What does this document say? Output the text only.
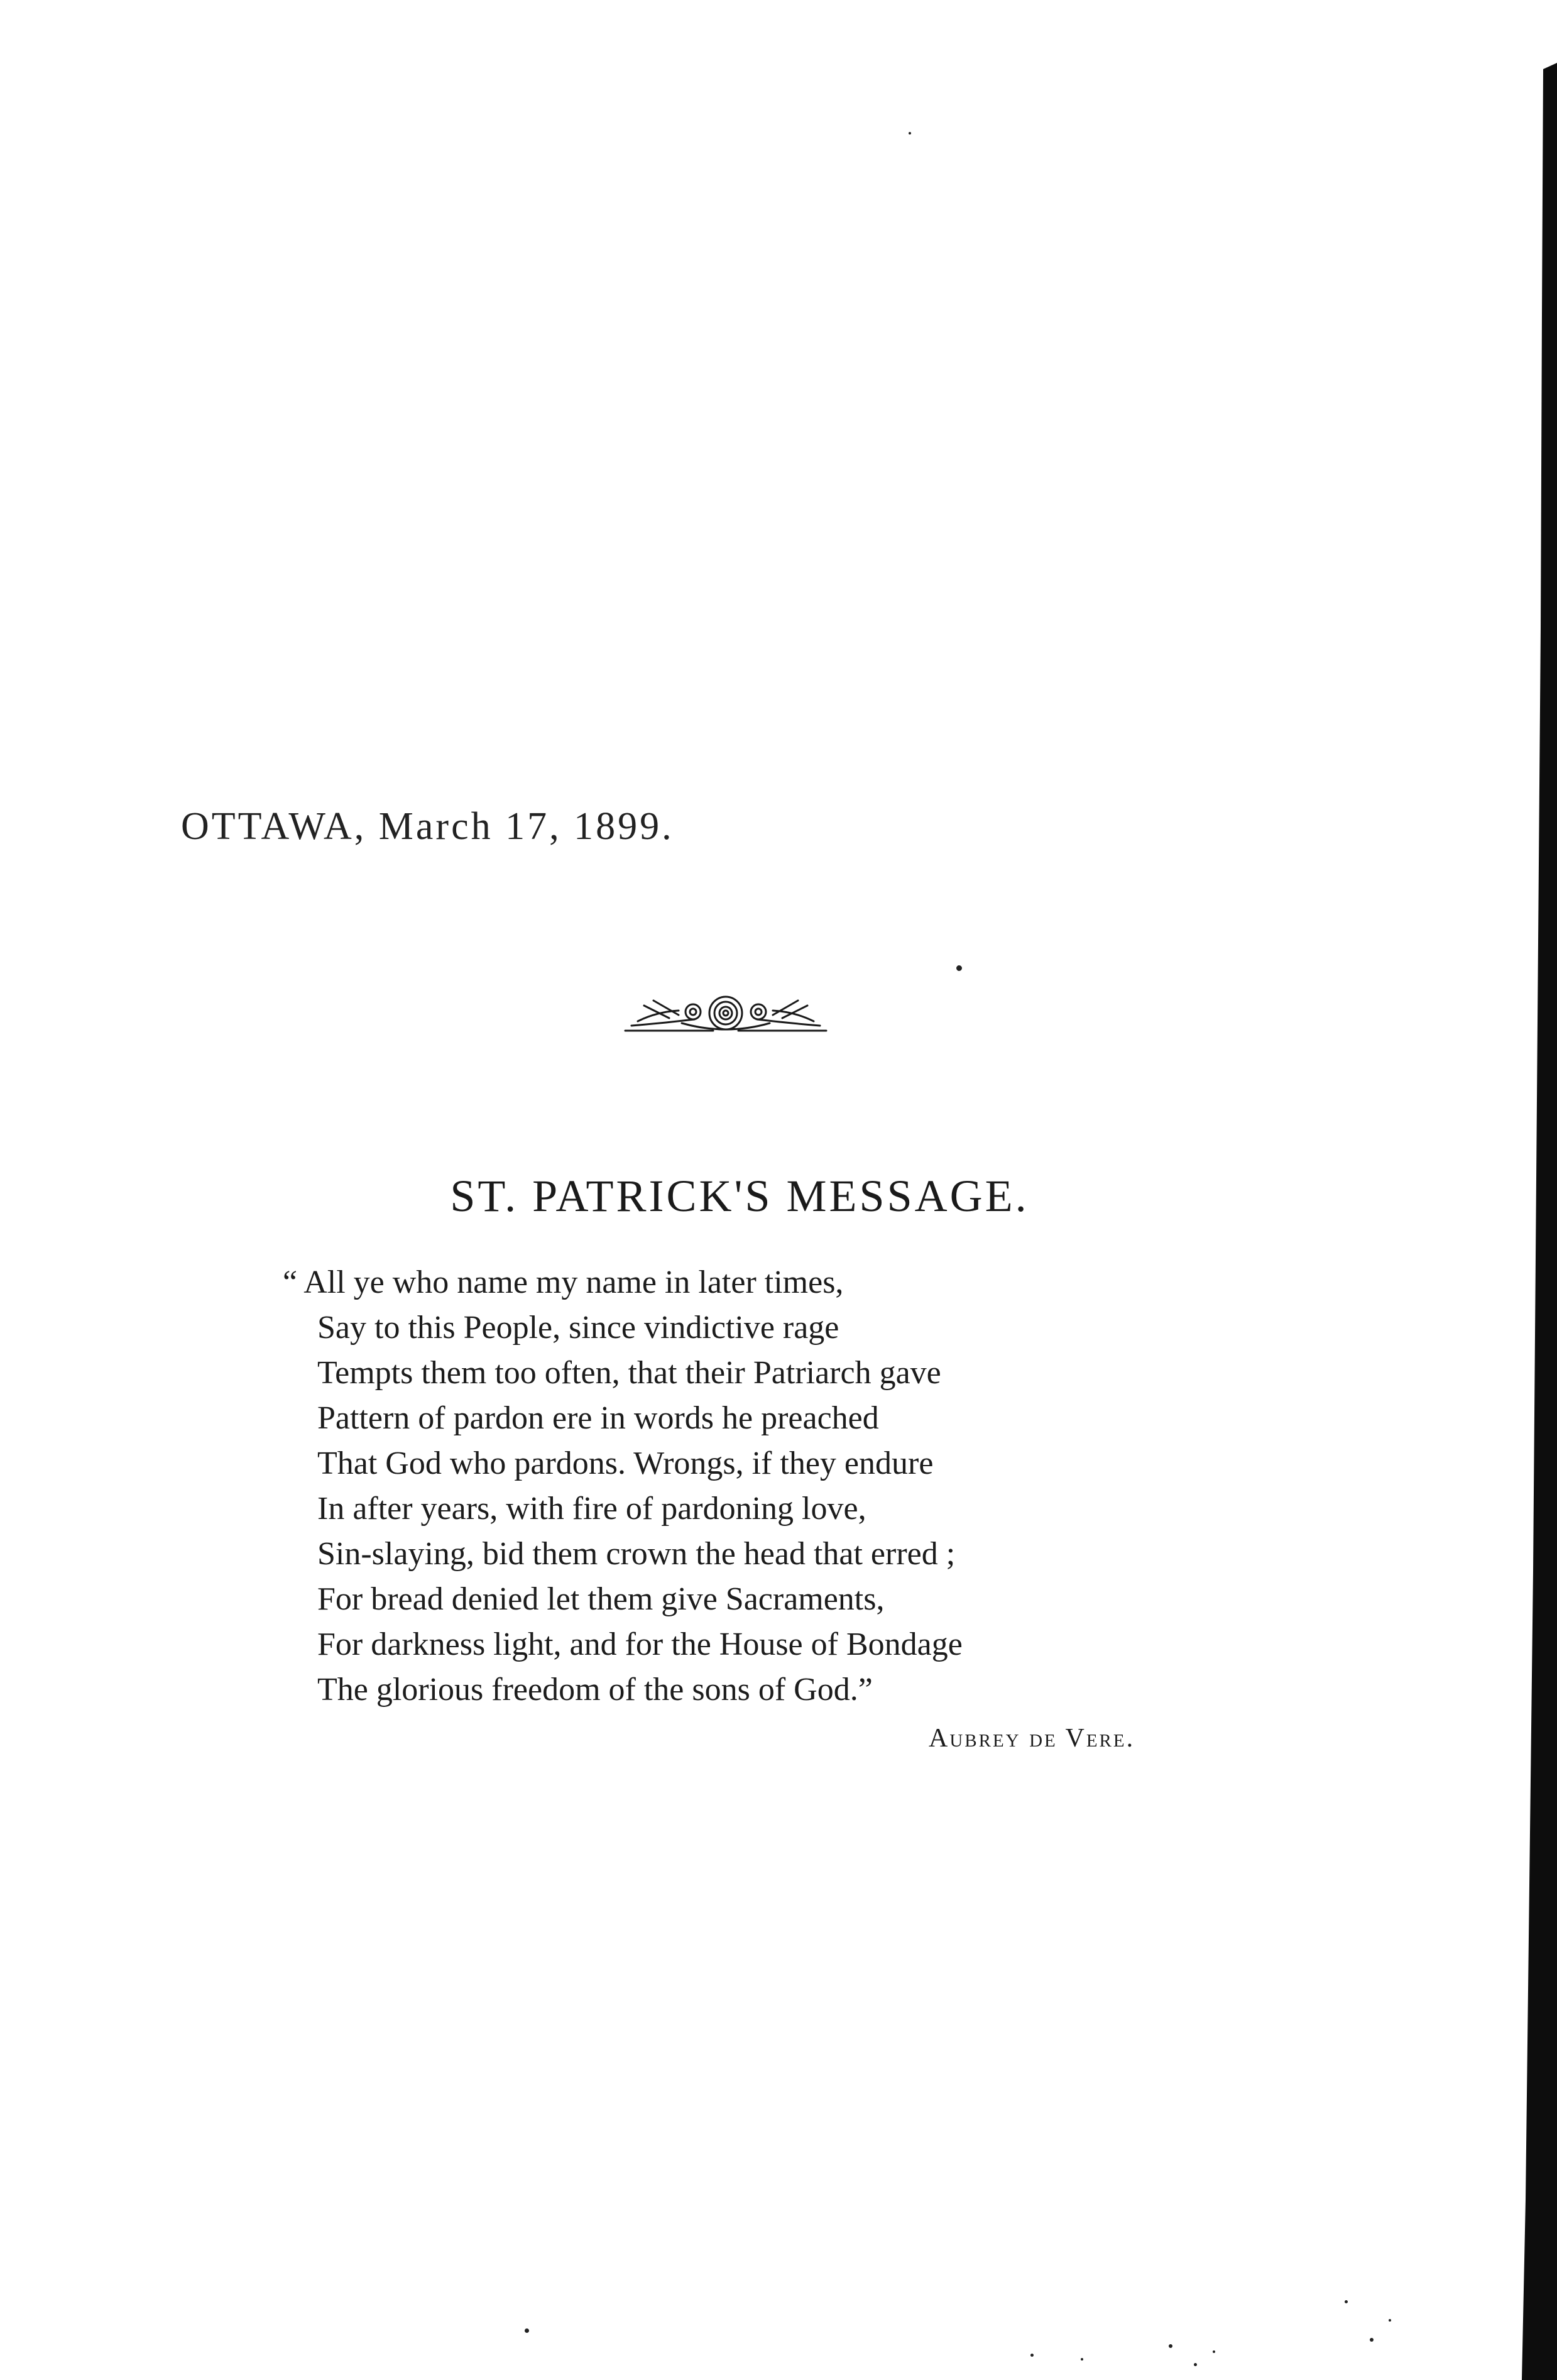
OTTAWA, March 17, 1899.
ST. PATRICK'S MESSAGE.
“ All ye who name my name in later times,
Say to this People, since vindictive rage
Tempts them too often, that their Patriarch gave
Pattern of pardon ere in words he preached
That God who pardons. Wrongs, if they endure
In after years, with fire of pardoning love,
Sin-slaying, bid them crown the head that erred ;
For bread denied let them give Sacraments,
For darkness light, and for the House of Bondage
The glorious freedom of the sons of God.”
Aubrey de Vere.
